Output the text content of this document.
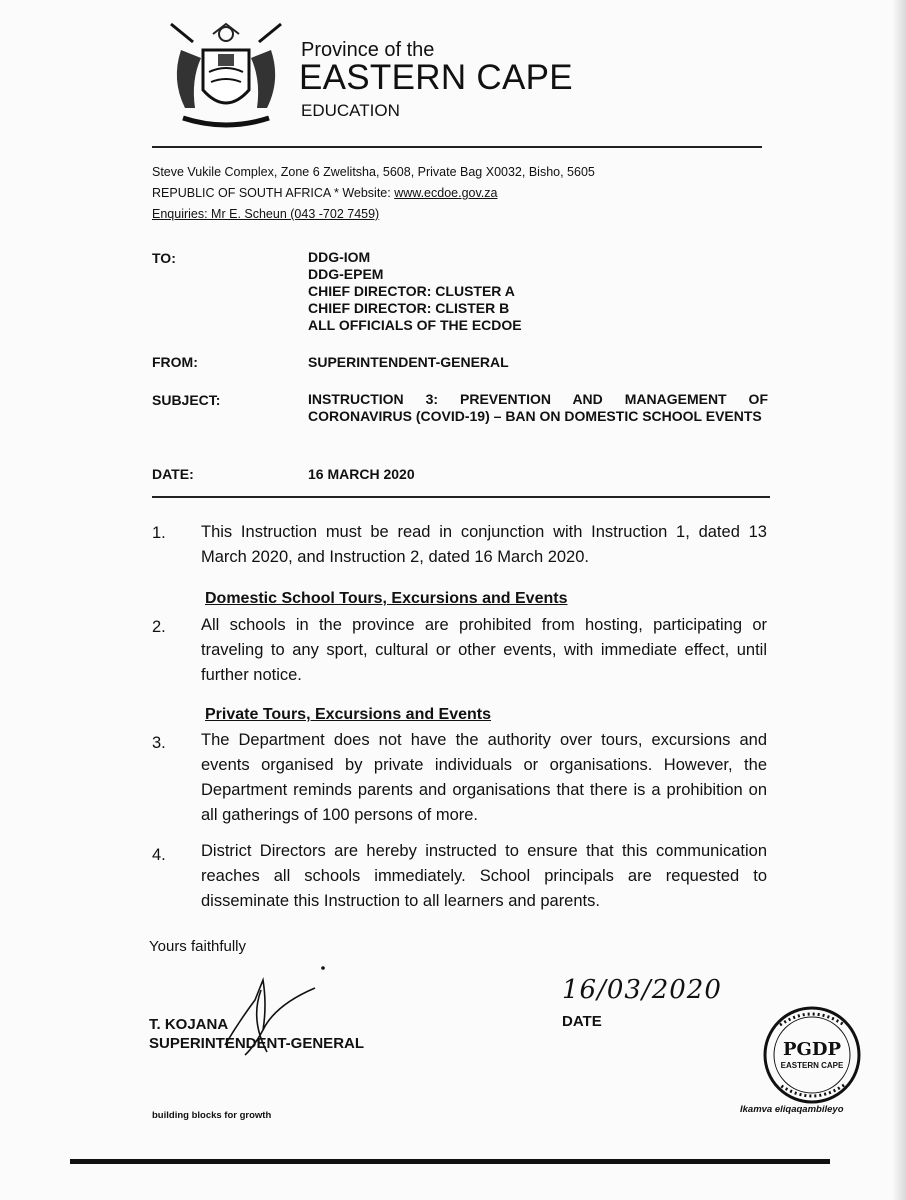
Province of the
EASTERN CAPE
EDUCATION
Steve Vukile Complex, Zone 6 Zwelitsha, 5608, Private Bag X0032, Bisho, 5605
REPUBLIC OF SOUTH AFRICA * Website: www.ecdoe.gov.za
Enquiries: Mr E. Scheun (043 -702 7459)
TO:	DDG-IOM
DDG-EPEM
CHIEF DIRECTOR: CLUSTER A
CHIEF DIRECTOR: CLISTER B
ALL OFFICIALS OF THE ECDOE
FROM:	SUPERINTENDENT-GENERAL
SUBJECT:	INSTRUCTION 3: PREVENTION AND MANAGEMENT OF CORONAVIRUS (COVID-19) – BAN ON DOMESTIC SCHOOL EVENTS
DATE:	16 MARCH 2020
1. This Instruction must be read in conjunction with Instruction 1, dated 13 March 2020, and Instruction 2, dated 16 March 2020.
Domestic School Tours, Excursions and Events
2. All schools in the province are prohibited from hosting, participating or traveling to any sport, cultural or other events, with immediate effect, until further notice.
Private Tours, Excursions and Events
3. The Department does not have the authority over tours, excursions and events organised by private individuals or organisations. However, the Department reminds parents and organisations that there is a prohibition on all gatherings of 100 persons of more.
4. District Directors are hereby instructed to ensure that this communication reaches all schools immediately. School principals are requested to disseminate this Instruction to all learners and parents.
Yours faithfully
T. KOJANA
SUPERINTENDENT-GENERAL
16/03/2020
DATE
building blocks for growth
PGDP
EASTERN CAPE
Ikamva eliqaqambileyo
